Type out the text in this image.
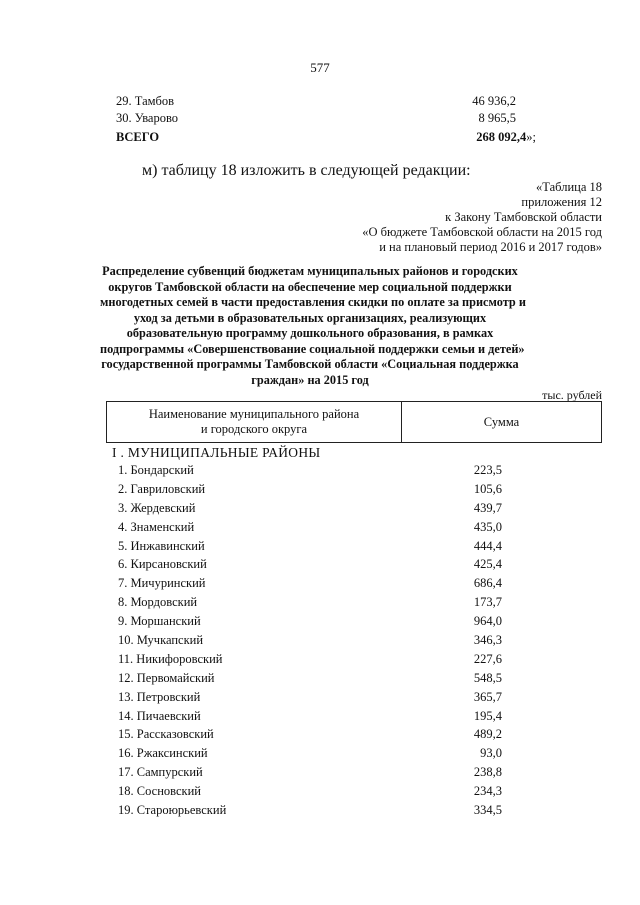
577
29. Тамбов	46 936,2
30. Уварово	8 965,5
ВСЕГО	268 092,4»;
м) таблицу 18 изложить в следующей редакции:
«Таблица 18
приложения 12
к Закону Тамбовской области
«О бюджете Тамбовской области на 2015 год
и на плановый период 2016 и 2017 годов»
Распределение субвенций бюджетам муниципальных районов и городских
округов Тамбовской области на обеспечение мер социальной поддержки
многодетных семей в части предоставления скидки по оплате за присмотр и
уход за детьми в образовательных организациях, реализующих
образовательную программу дошкольного образования, в рамках
подпрограммы «Совершенствование социальной поддержки семьи и детей»
государственной программы Тамбовской области «Социальная поддержка
граждан» на 2015 год
тыс. рублей
Наименование муниципального района
и городского округа	Сумма
I . МУНИЦИПАЛЬНЫЕ РАЙОНЫ
1. Бондарский	223,5
2. Гавриловский	105,6
3. Жердевский	439,7
4. Знаменский	435,0
5. Инжавинский	444,4
6. Кирсановский	425,4
7. Мичуринский	686,4
8. Мордовский	173,7
9. Моршанский	964,0
10. Мучкапский	346,3
11. Никифоровский	227,6
12. Первомайский	548,5
13. Петровский	365,7
14. Пичаевский	195,4
15. Рассказовский	489,2
16. Ржаксинский	93,0
17. Сампурский	238,8
18. Сосновский	234,3
19. Староюрьевский	334,5
